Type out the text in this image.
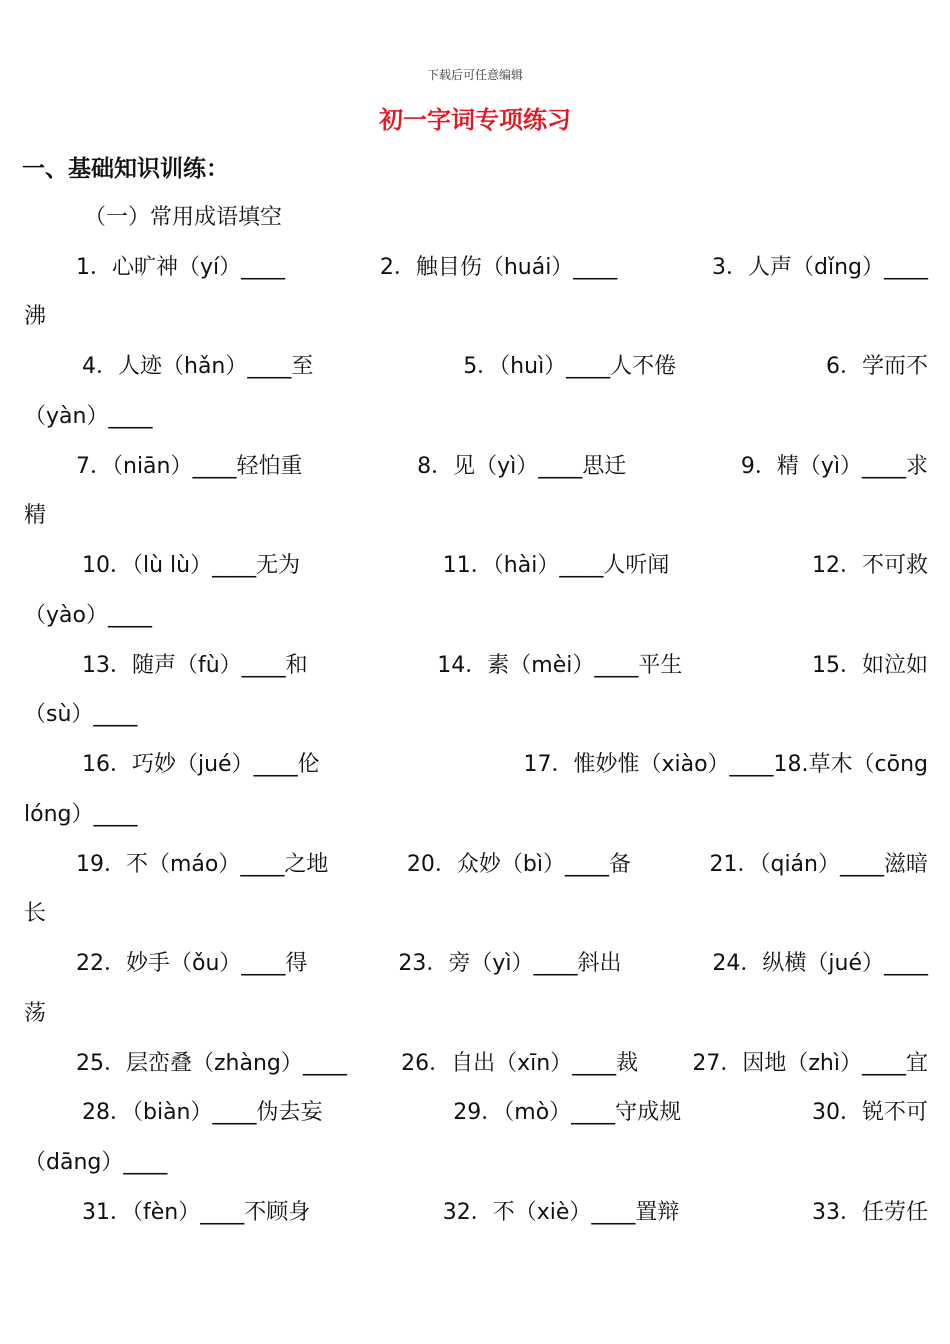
下载后可任意编辑
初一字词专项练习
一、基础知识训练：
（一）常用成语填空
1．心旷神（yí）____	2．触目伤（huái）____	3．人声（dǐng）____
沸
4．人迹（hǎn）____至	5．（huì）____人不倦	6．学而不
（yàn）____
7．（niān）____轻怕重	8．见（yì）____思迁	9．精（yì）____求
精
10．（lù lù）____无为	11．（hài）____人听闻	12．不可救
（yào）____
13．随声（fù）____和	14．素（mèi）____平生	15．如泣如
（sù）____
16．巧妙（jué）____伦	17．惟妙惟（xiào）____18.草木（cōng
lóng）____
19．不（máo）____之地	20．众妙（bì）____备	21．（qián）____滋暗
长
22．妙手（ǒu）____得	23．旁（yì）____斜出	24．纵横（jué）____
荡
25．层峦叠（zhàng）____ 26．自出（xīn）____裁 27．因地（zhì）____宜
28．（biàn）____伪去妄	29．（mò）____守成规	30．锐不可
（dāng）____
31．（fèn）____不顾身	32．不（xiè）____置辩	33．任劳任
